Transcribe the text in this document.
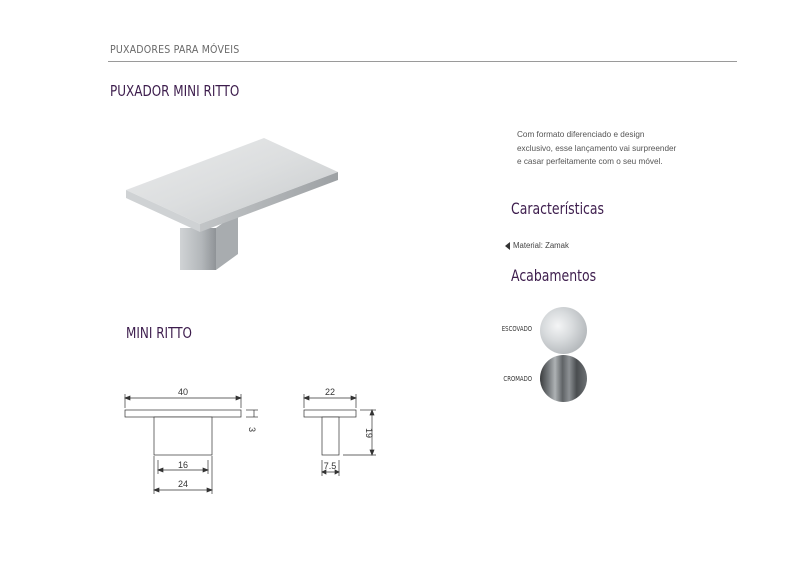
PUXADORES PARA MÓVEIS
PUXADOR MINI RITTO
Com formato diferenciado e design exclusivo, esse lançamento vai surpreender e casar perfeitamente com o seu móvel.
Características
Material: Zamak
Acabamentos
ESCOVADO
CROMADO
MINI RITTO
40
3
16
24
22
19
7.5
